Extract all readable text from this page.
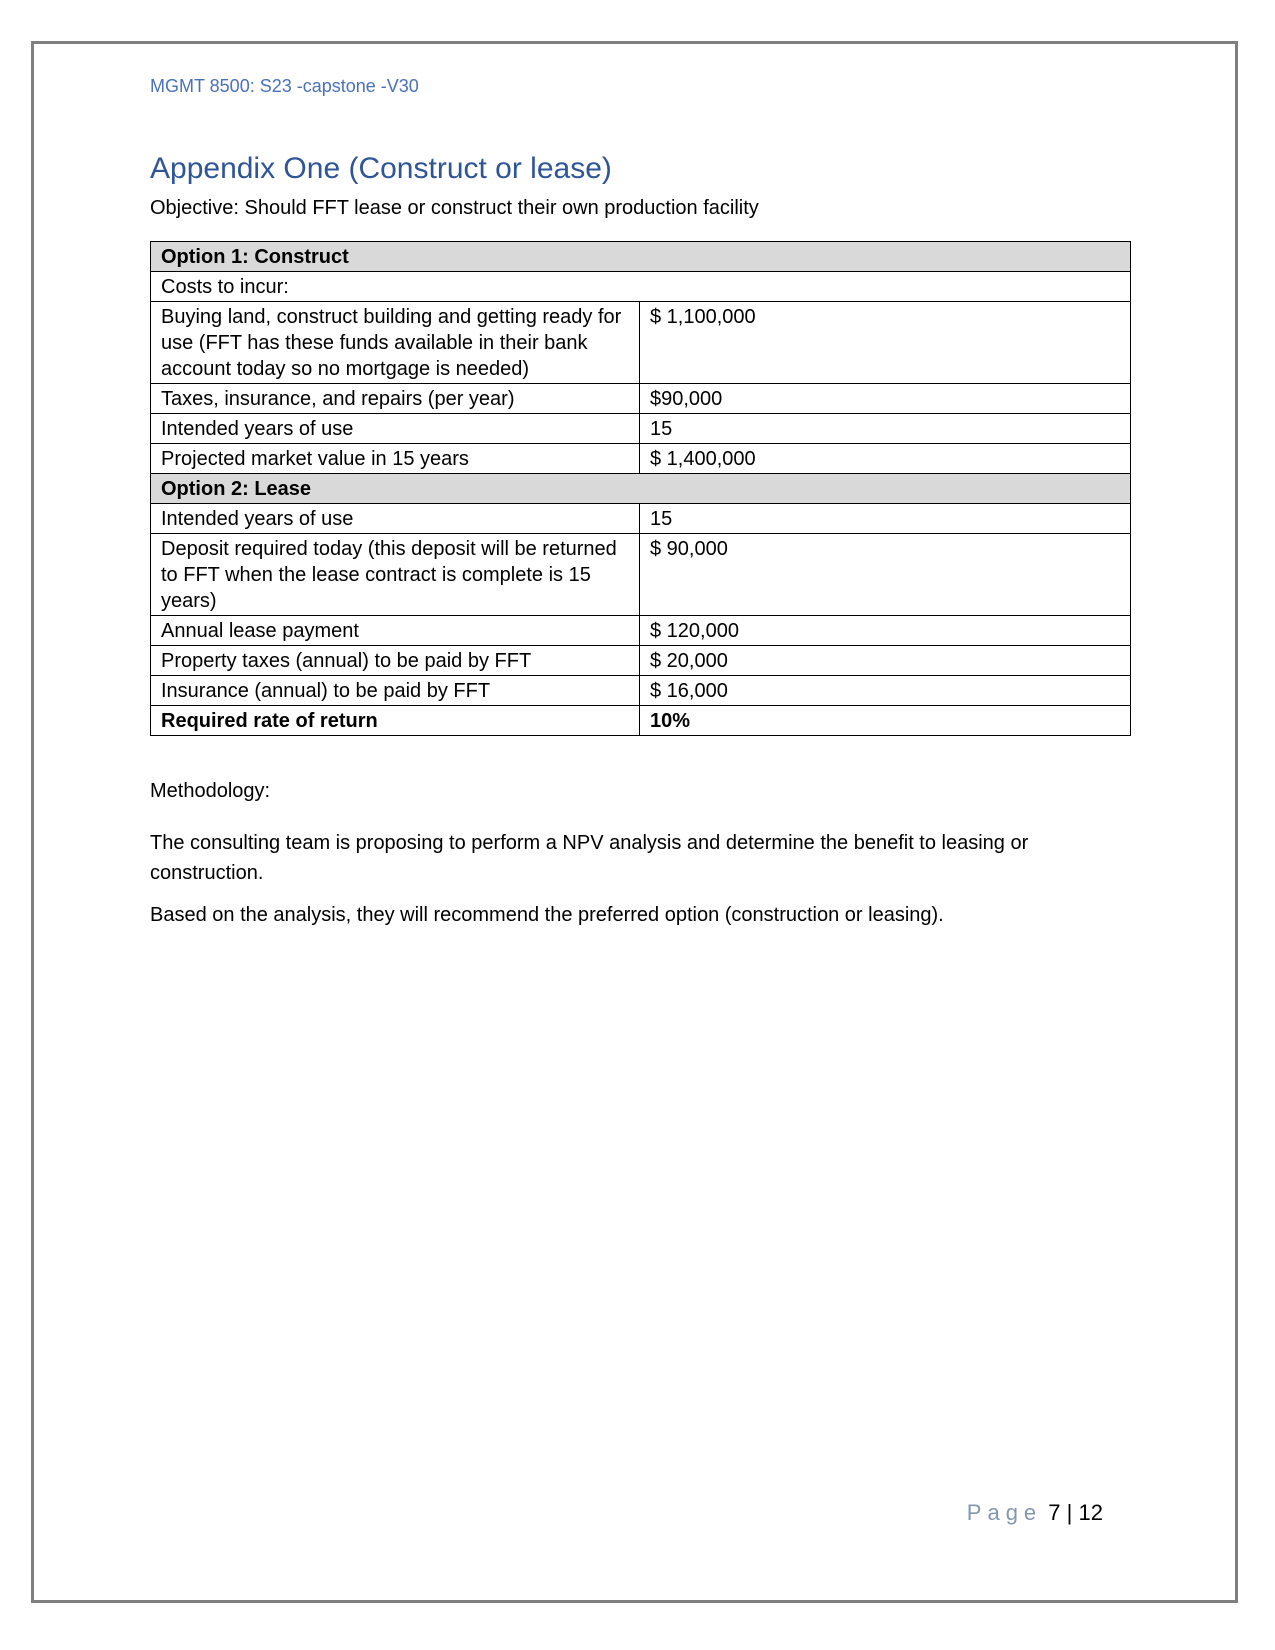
MGMT 8500: S23 -capstone -V30
Appendix One (Construct or lease)
Objective: Should FFT lease or construct their own production facility
Option 1: Construct	
Costs to incur:	
Buying land, construct building and getting ready for use (FFT has these funds available in their bank account today so no mortgage is needed)	$ 1,100,000
Taxes, insurance, and repairs (per year)	$90,000
Intended years of use	15
Projected market value in 15 years	$ 1,400,000
Option 2: Lease	
Intended years of use	15
Deposit required today (this deposit will be returned to FFT when the lease contract is complete is 15 years)	$ 90,000
Annual lease payment	$ 120,000
Property taxes (annual) to be paid by FFT	$ 20,000
Insurance (annual) to be paid by FFT	$ 16,000
Required rate of return	10%
Methodology:
The consulting team is proposing to perform a NPV analysis and determine the benefit to leasing or construction.
Based on the analysis, they will recommend the preferred option (construction or leasing).
Page 7 | 12
